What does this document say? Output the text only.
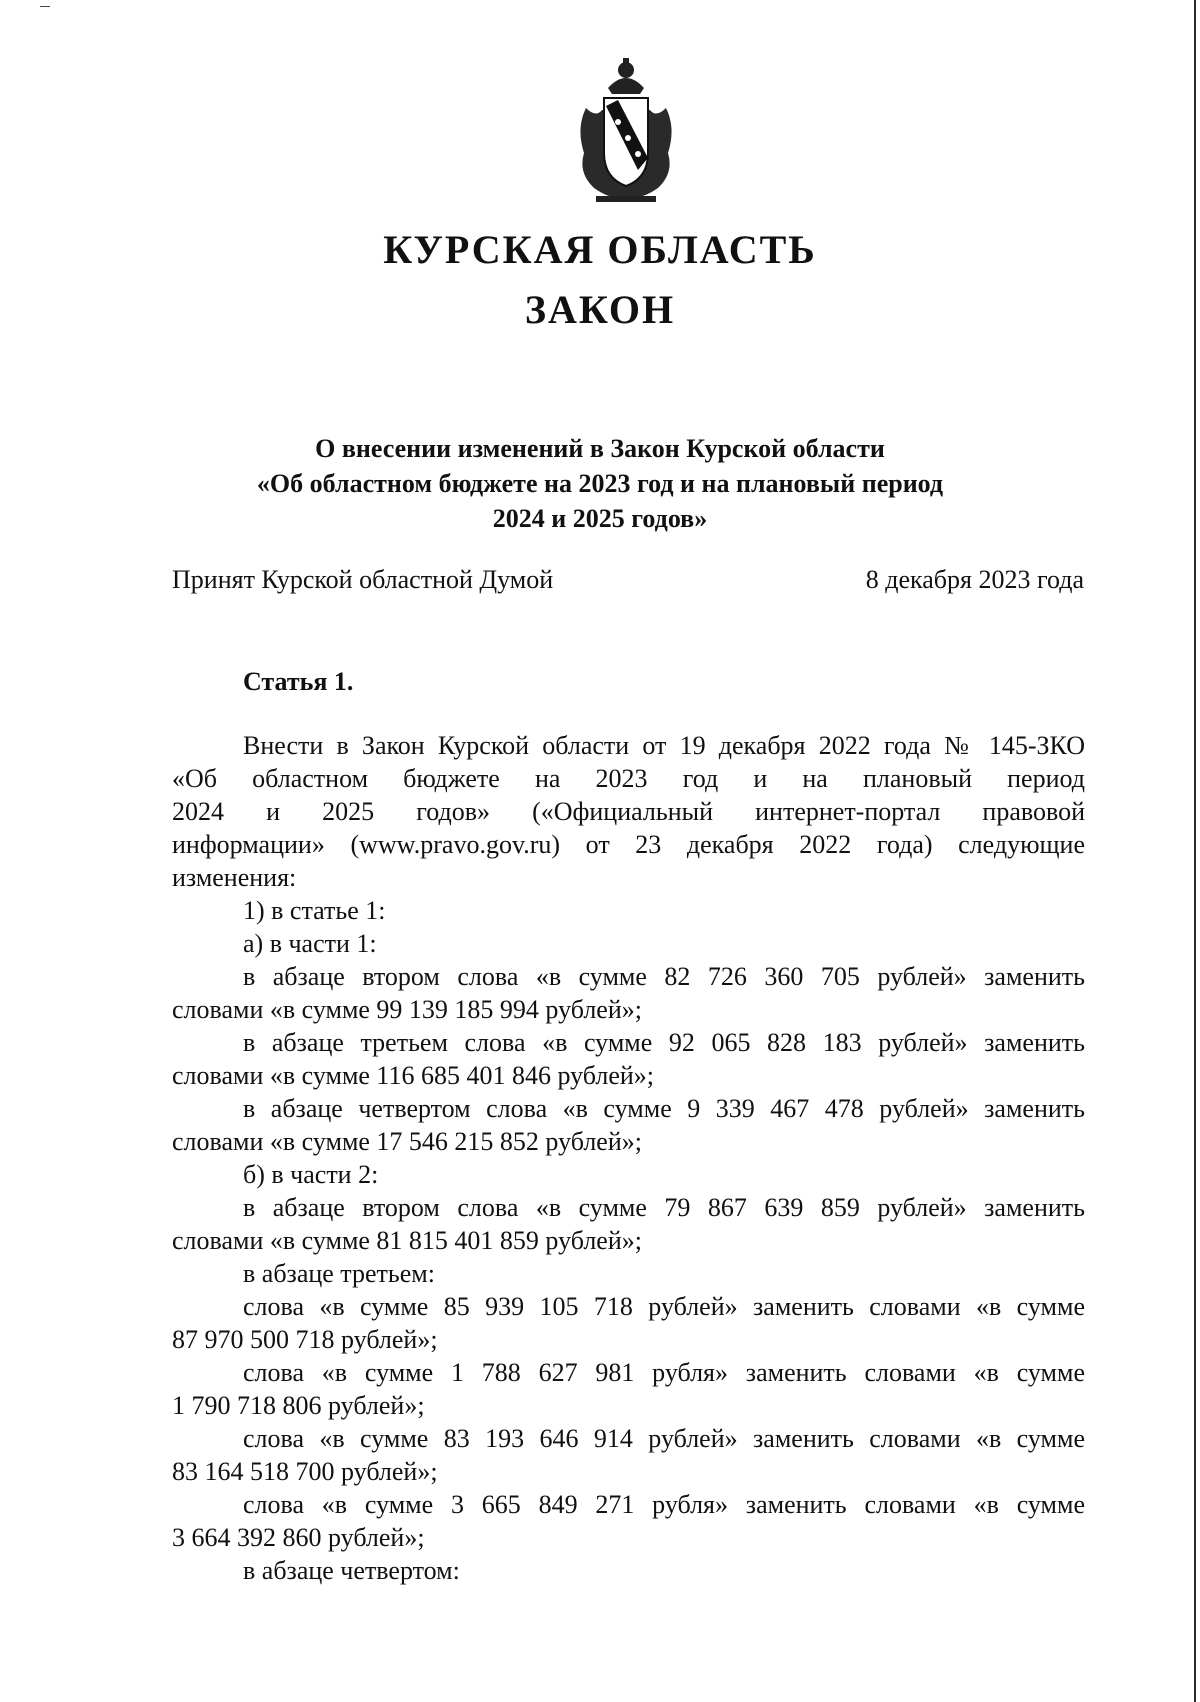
КУРСКАЯ ОБЛАСТЬ
ЗАКОН
О внесении изменений в Закон Курской области
«Об областном бюджете на 2023 год и на плановый период
2024 и 2025 годов»
Принят Курской областной Думой	8 декабря 2023 года
Статья 1.
Внести в Закон Курской области от 19 декабря 2022 года № 145-ЗКО
«Об областном бюджете на 2023 год и на плановый период
2024 и 2025 годов» («Официальный интернет-портал правовой
информации» (www.pravo.gov.ru) от 23 декабря 2022 года) следующие
изменения:
1) в статье 1:
а) в части 1:
в абзаце втором слова «в сумме 82 726 360 705 рублей» заменить
словами «в сумме 99 139 185 994 рублей»;
в абзаце третьем слова «в сумме 92 065 828 183 рублей» заменить
словами «в сумме 116 685 401 846 рублей»;
в абзаце четвертом слова «в сумме 9 339 467 478 рублей» заменить
словами «в сумме 17 546 215 852 рублей»;
б) в части 2:
в абзаце втором слова «в сумме 79 867 639 859 рублей» заменить
словами «в сумме 81 815 401 859 рублей»;
в абзаце третьем:
слова «в сумме 85 939 105 718 рублей» заменить словами «в сумме
87 970 500 718 рублей»;
слова «в сумме 1 788 627 981 рубля» заменить словами «в сумме
1 790 718 806 рублей»;
слова «в сумме 83 193 646 914 рублей» заменить словами «в сумме
83 164 518 700 рублей»;
слова «в сумме 3 665 849 271 рубля» заменить словами «в сумме
3 664 392 860 рублей»;
в абзаце четвертом:
